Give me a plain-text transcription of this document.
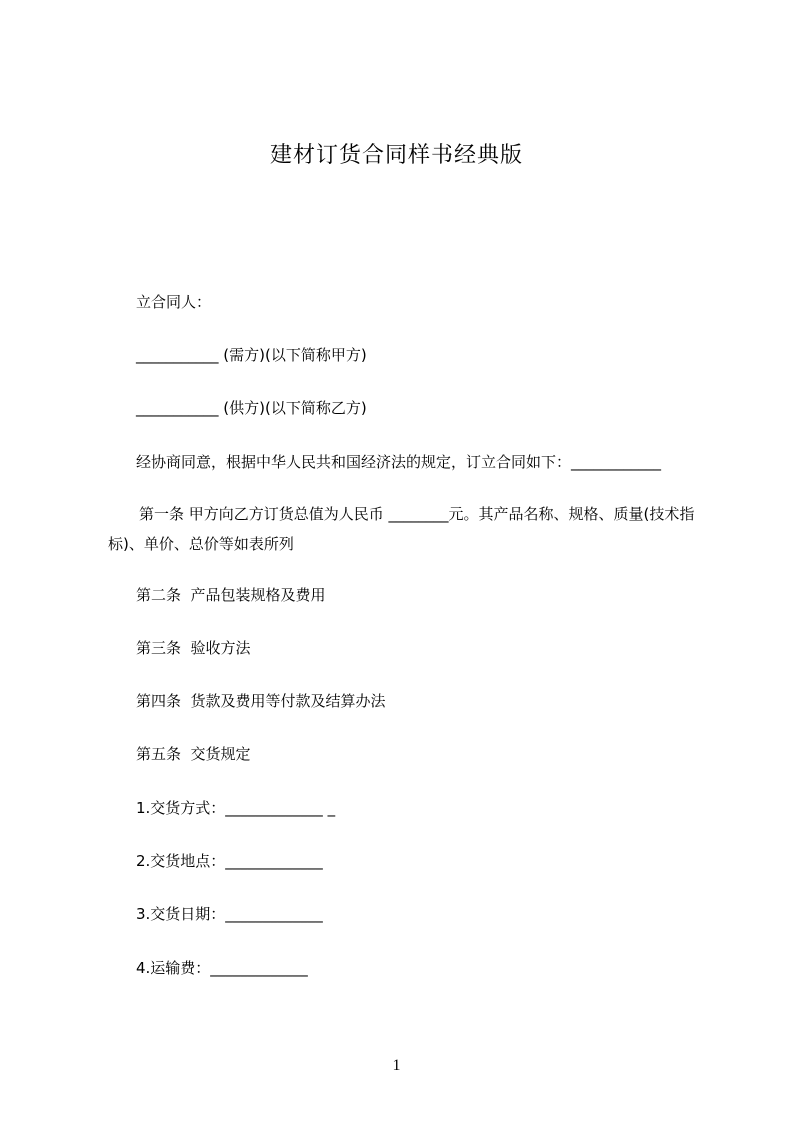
建材订货合同样书经典版
立合同人：
___________ (需方)(以下简称甲方)
___________ (供方)(以下简称乙方)
经协商同意，根据中华人民共和国经济法的规定，订立合同如下：____________
第一条 甲方向乙方订货总值为人民币 ________元。其产品名称、规格、质量(技术指标)、单价、总价等如表所列
第二条  产品包装规格及费用
第三条  验收方法
第四条  货款及费用等付款及结算办法
第五条  交货规定
1.交货方式：_____________ _
2.交货地点：_____________
3.交货日期：_____________
4.运输费：_____________
1
